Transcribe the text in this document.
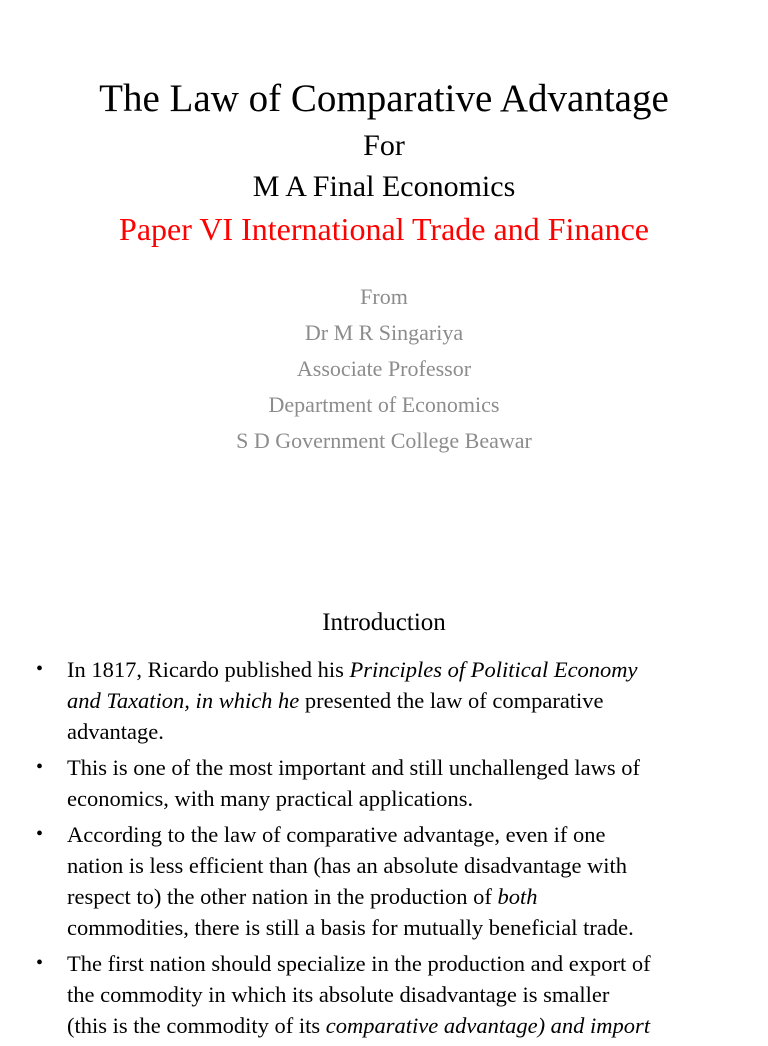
The Law of Comparative Advantage
For
M A Final Economics
Paper VI International Trade and Finance
From
Dr M R Singariya
Associate Professor
Department of Economics
S D Government College Beawar
Introduction
• In 1817, Ricardo published his Principles of Political Economy
and Taxation, in which he presented the law of comparative
advantage.
• This is one of the most important and still unchallenged laws of
economics, with many practical applications.
• According to the law of comparative advantage, even if one
nation is less efficient than (has an absolute disadvantage with
respect to) the other nation in the production of both
commodities, there is still a basis for mutually beneficial trade.
• The first nation should specialize in the production and export of
the commodity in which its absolute disadvantage is smaller
(this is the commodity of its comparative advantage) and import
